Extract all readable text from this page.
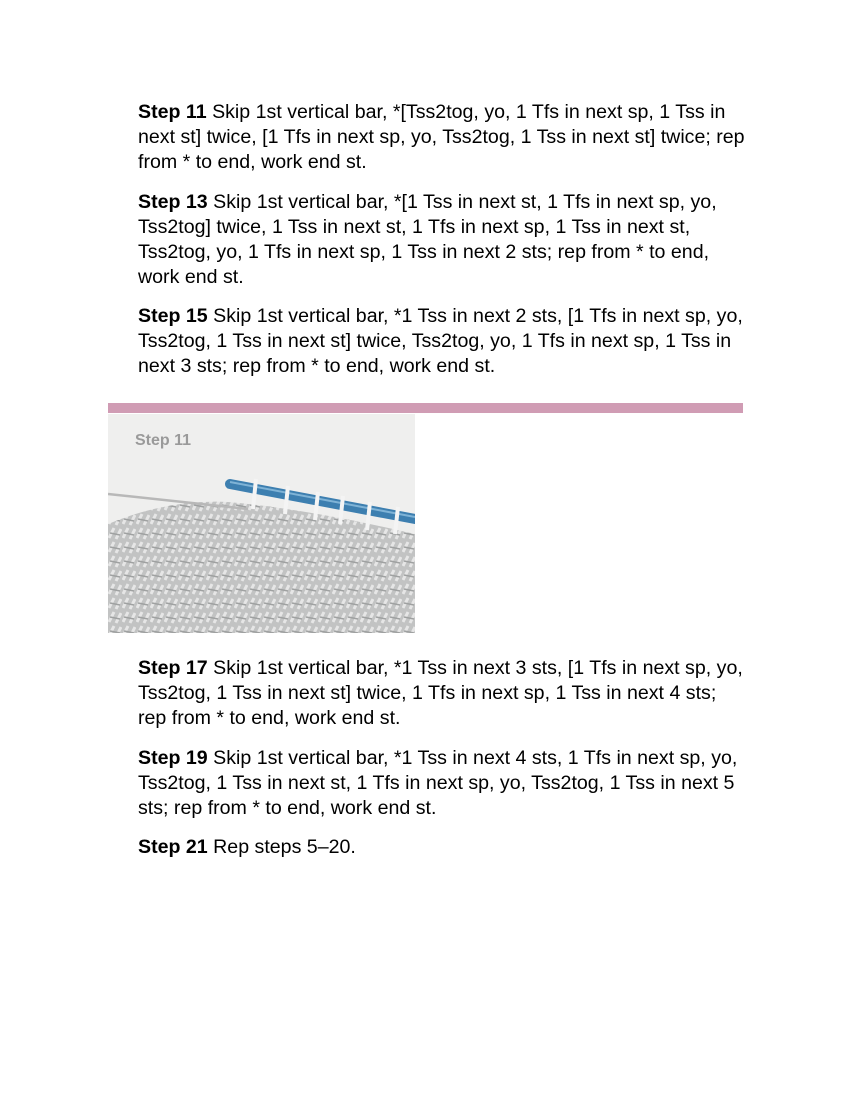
Step 11 Skip 1st vertical bar, *[Tss2tog, yo, 1 Tfs in next sp, 1 Tss in next st] twice, [1 Tfs in next sp, yo, Tss2tog, 1 Tss in next st] twice; rep from * to end, work end st.

Step 13 Skip 1st vertical bar, *[1 Tss in next st, 1 Tfs in next sp, yo, Tss2tog] twice, 1 Tss in next st, 1 Tfs in next sp, 1 Tss in next st, Tss2tog, yo, 1 Tfs in next sp, 1 Tss in next 2 sts; rep from * to end, work end st.

Step 15 Skip 1st vertical bar, *1 Tss in next 2 sts, [1 Tfs in next sp, yo, Tss2tog, 1 Tss in next st] twice, Tss2tog, yo, 1 Tfs in next sp, 1 Tss in next 3 sts; rep from * to end, work end st.

Step 11

Step 17 Skip 1st vertical bar, *1 Tss in next 3 sts, [1 Tfs in next sp, yo, Tss2tog, 1 Tss in next st] twice, 1 Tfs in next sp, 1 Tss in next 4 sts; rep from * to end, work end st.

Step 19 Skip 1st vertical bar, *1 Tss in next 4 sts, 1 Tfs in next sp, yo, Tss2tog, 1 Tss in next st, 1 Tfs in next sp, yo, Tss2tog, 1 Tss in next 5 sts; rep from * to end, work end st.

Step 21 Rep steps 5–20.
